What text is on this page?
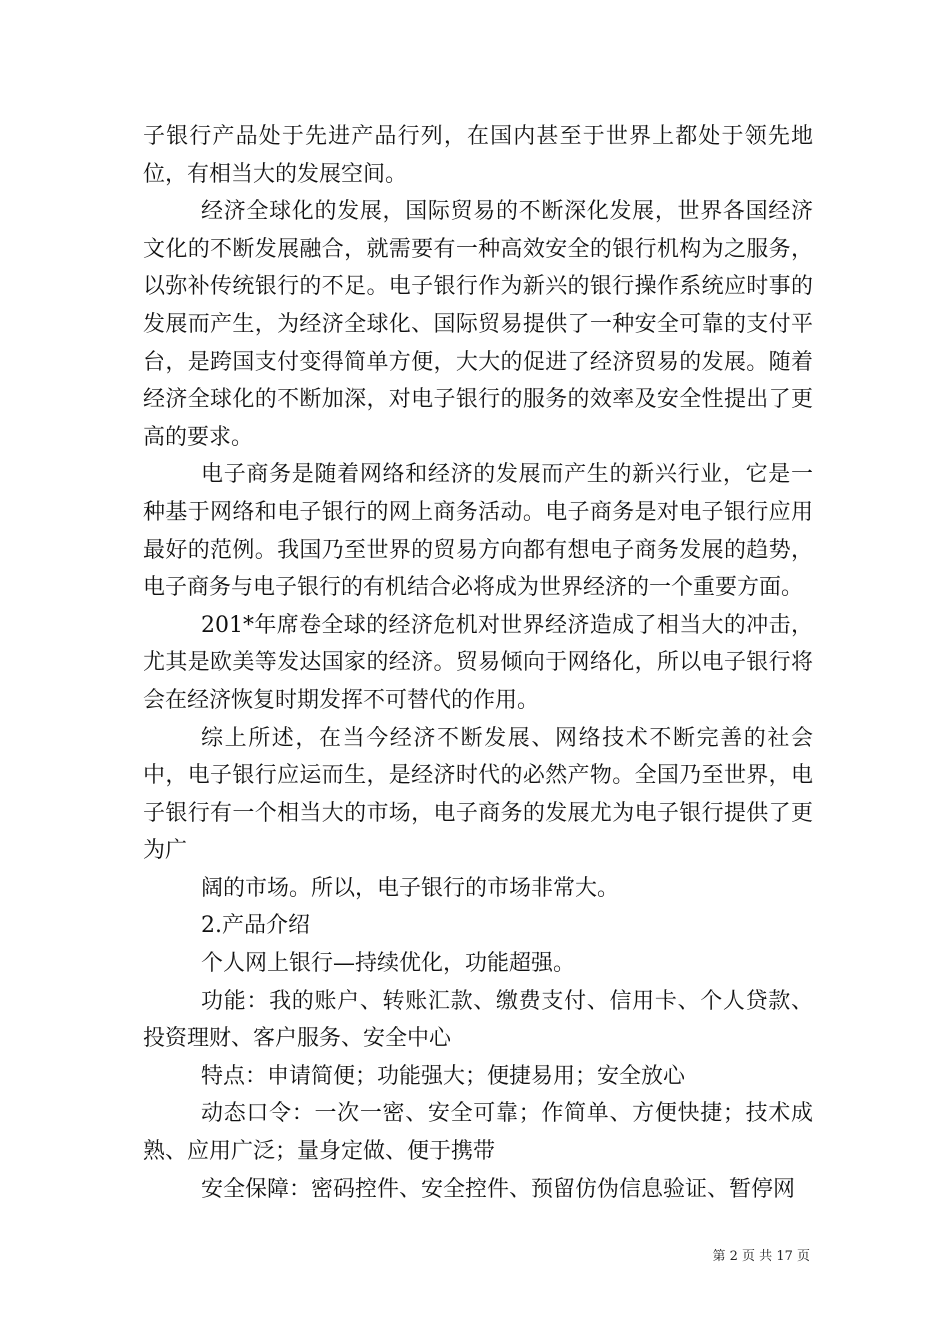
子银行产品处于先进产品行列，在国内甚至于世界上都处于领先地位，有相当大的发展空间。

经济全球化的发展，国际贸易的不断深化发展，世界各国经济文化的不断发展融合，就需要有一种高效安全的银行机构为之服务，以弥补传统银行的不足。电子银行作为新兴的银行操作系统应时事的发展而产生，为经济全球化、国际贸易提供了一种安全可靠的支付平台，是跨国支付变得简单方便，大大的促进了经济贸易的发展。随着经济全球化的不断加深，对电子银行的服务的效率及安全性提出了更高的要求。

电子商务是随着网络和经济的发展而产生的新兴行业，它是一种基于网络和电子银行的网上商务活动。电子商务是对电子银行应用最好的范例。我国乃至世界的贸易方向都有想电子商务发展的趋势，电子商务与电子银行的有机结合必将成为世界经济的一个重要方面。

201*年席卷全球的经济危机对世界经济造成了相当大的冲击，尤其是欧美等发达国家的经济。贸易倾向于网络化，所以电子银行将会在经济恢复时期发挥不可替代的作用。

综上所述，在当今经济不断发展、网络技术不断完善的社会中，电子银行应运而生，是经济时代的必然产物。全国乃至世界，电子银行有一个相当大的市场，电子商务的发展尤为电子银行提供了更为广

阔的市场。所以，电子银行的市场非常大。

2.产品介绍

个人网上银行—持续优化，功能超强。

功能：我的账户、转账汇款、缴费支付、信用卡、个人贷款、投资理财、客户服务、安全中心

特点：申请简便；功能强大；便捷易用；安全放心

动态口令：一次一密、安全可靠；作简单、方便快捷；技术成熟、应用广泛；量身定做、便于携带

安全保障：密码控件、安全控件、预留仿伪信息验证、暂停网

第 2 页 共 17 页
